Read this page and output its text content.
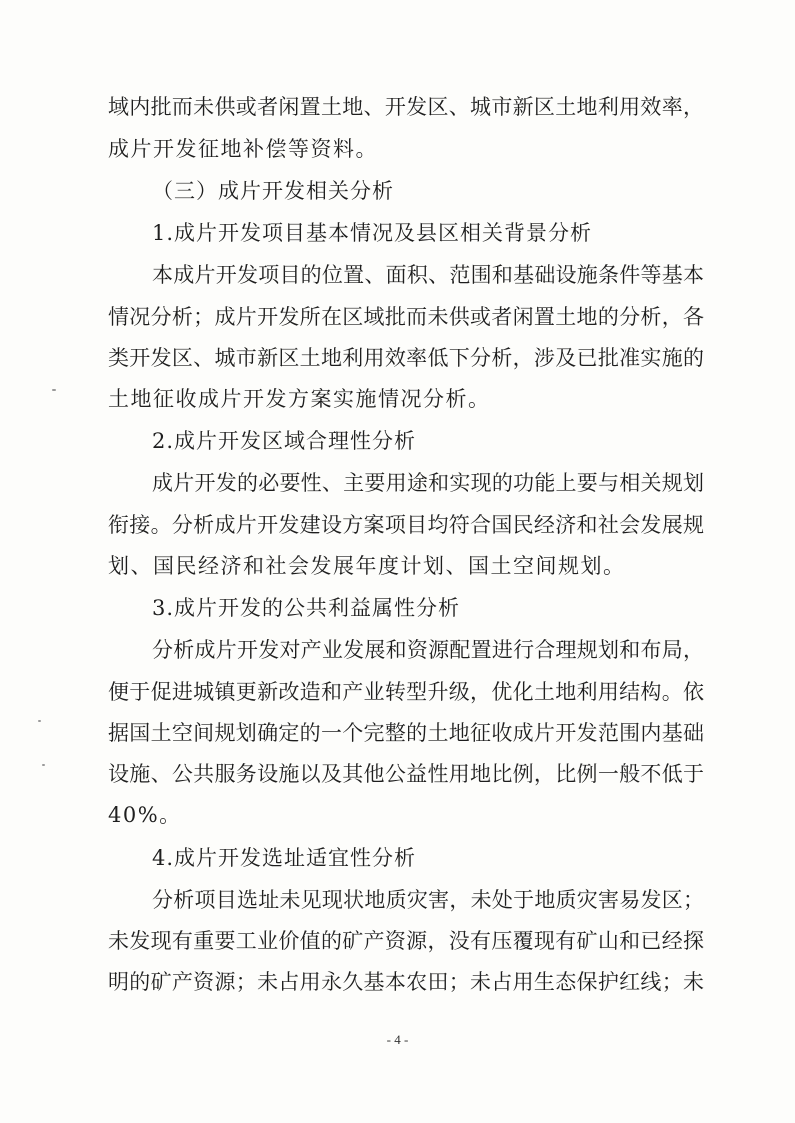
域内批而未供或者闲置土地、开发区、城市新区土地利用效率，
成片开发征地补偿等资料。
（三）成片开发相关分析
1.成片开发项目基本情况及县区相关背景分析
本成片开发项目的位置、面积、范围和基础设施条件等基本
情况分析；成片开发所在区域批而未供或者闲置土地的分析，各
类开发区、城市新区土地利用效率低下分析，涉及已批准实施的
土地征收成片开发方案实施情况分析。
2.成片开发区域合理性分析
成片开发的必要性、主要用途和实现的功能上要与相关规划
衔接。分析成片开发建设方案项目均符合国民经济和社会发展规
划、国民经济和社会发展年度计划、国土空间规划。
3.成片开发的公共利益属性分析
分析成片开发对产业发展和资源配置进行合理规划和布局，
便于促进城镇更新改造和产业转型升级，优化土地利用结构。依
据国土空间规划确定的一个完整的土地征收成片开发范围内基础
设施、公共服务设施以及其他公益性用地比例，比例一般不低于
40%。
4.成片开发选址适宜性分析
分析项目选址未见现状地质灾害，未处于地质灾害易发区；
未发现有重要工业价值的矿产资源，没有压覆现有矿山和已经探
明的矿产资源；未占用永久基本农田；未占用生态保护红线；未
- 4 -
